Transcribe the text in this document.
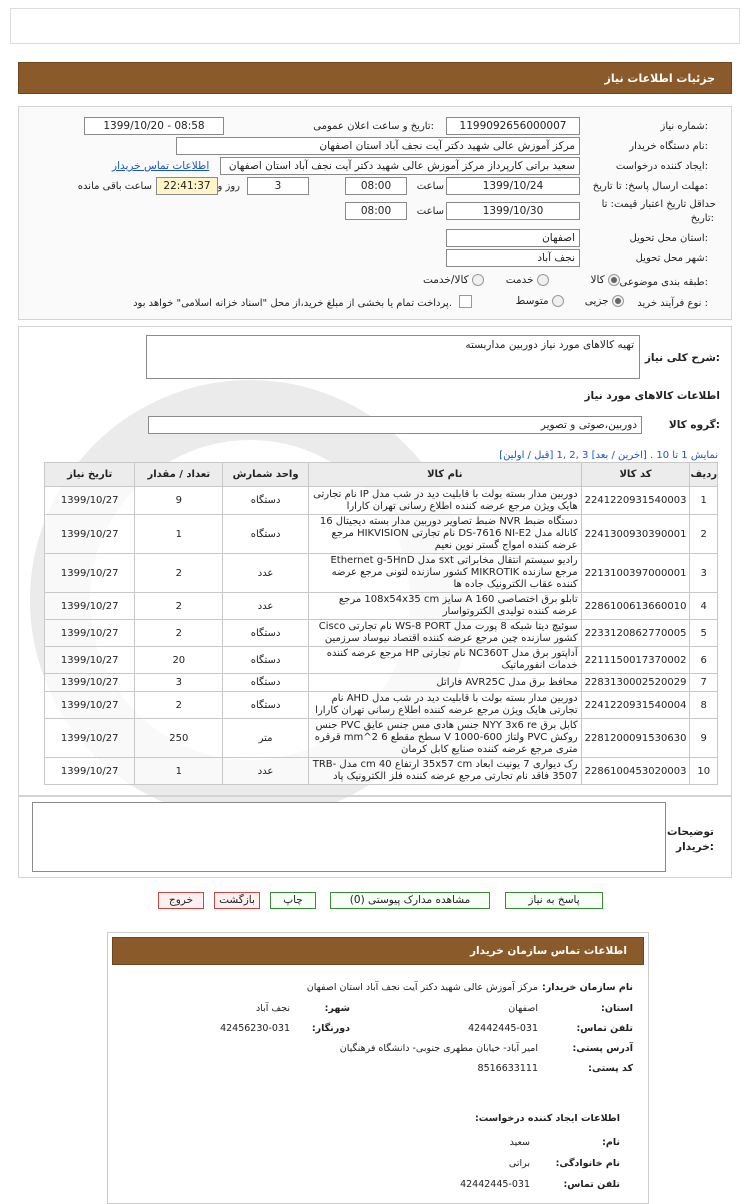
جزئیات اطلاعات نیاز
شماره نیاز:
1199092656000007
تاریخ و ساعت اعلان عمومی:
1399/10/20 - 08:58
نام دستگاه خریدار:
مرکز آموزش عالی شهید دکتر آیت نجف آباد استان اصفهان
ایجاد کننده درخواست:
سعید براتی کارپرداز مرکز آموزش عالی شهید دکتر آیت نجف آباد استان اصفهان
اطلاعات تماس خریدار
مهلت ارسال پاسخ: تا تاریخ:
1399/10/24
ساعت
08:00
3
روز و
22:41:37
ساعت باقی مانده
حداقل تاریخ اعتبار قیمت: تا
تاریخ:
1399/10/30
ساعت
08:00
استان محل تحویل:
اصفهان
شهر محل تحویل:
نجف آباد
طبقه بندی موضوعی:
کالا
خدمت
کالا/خدمت
نوع فرآیند خرید :
جزیی
متوسط
پرداخت تمام یا بخشی از مبلغ خرید،از محل "اسناد خزانه اسلامی" خواهد بود.
شرح کلی نیاز:
تهیه کالاهای مورد نیاز دوربین مداربسته
اطلاعات کالاهای مورد نیاز
گروه کالا:
دوربین،صوتی و تصویر
نمایش 1 تا 10 . [اخرین / بعد] 3 ,2 ,1 [قبل / اولین]
ردیف	کد کالا	نام کالا	واحد شمارش	تعداد / مقدار	تاریخ نیاز
1	2241220931540003	دوربین مدار بسته بولت با قابلیت دید در شب مدل IP نام تجارتی هایک ویژن مرجع عرضه کننده اطلاع رسانی تهران کارارا	دستگاه	9	1399/10/27
2	2241300930390001	دستگاه ضبط NVR ضبط تصاویر دوربین مدار بسته دیجیتال 16 کاناله مدل DS-7616 NI-E2 نام تجارتی HIKVISION مرجع عرضه کننده امواج گستر نوین نعیم	دستگاه	1	1399/10/27
3	2213100397000001	رادیو سیستم انتقال مخابراتی sxt مدل Ethernet g-5HnD مرجع سازنده MIKROTIK کشور سازنده لتونی مرجع عرضه کننده عقاب الکترونیک جاده ها	عدد	2	1399/10/27
4	2286100613660010	تابلو برق اختصاصی A 160 سایز 108x54x35 cm مرجع عرضه کننده تولیدی الکتروتواسار	عدد	2	1399/10/27
5	2233120862770005	سوئیچ دیتا شبکه 8 پورت مدل WS-8 PORT نام تجارتی Cisco کشور سازنده چین مرجع عرضه کننده اقتصاد نیوساد سرزمین	دستگاه	2	1399/10/27
6	2211150017370002	آداپتور برق مدل NC360T نام تجارتی HP مرجع عرضه کننده خدمات انفورماتیک	دستگاه	20	1399/10/27
7	2283130002520029	محافظ برق مدل AVR25C فاراتل	دستگاه	3	1399/10/27
8	2241220931540004	دوربین مدار بسته بولت با قابلیت دید در شب مدل AHD نام تجارتی هایک ویژن مرجع عرضه کننده اطلاع رسانی تهران کارارا	دستگاه	2	1399/10/27
9	2281200091530630	کابل برق NYY 3x6 re جنس هادی مس جنس عایق PVC جنس روکش PVC ولتاژ 600-1000 V سطح مقطع 6 mm^2 قرقره متری مرجع عرضه کننده صنایع کابل کرمان	متر	250	1399/10/27
10	2286100453020003	رک دیواری 7 یونیت ابعاد 35x57 cm ارتفاع 40 cm مدل TRB-3507 فاقد نام تجارتی مرجع عرضه کننده فلز الکترونیک پاد	عدد	1	1399/10/27
توضیحات
خریدار:
پاسخ به نیاز
مشاهده مدارک پیوستی (0)
چاپ
بازگشت
خروج
اطلاعات تماس سازمان خریدار
نام سازمان خریدار:
مرکز آموزش عالی شهید دکتر آیت نجف آباد استان اصفهان
استان:
اصفهان
شهر:
نجف آباد
تلفن تماس:
42442445-031
دورنگار:
42456230-031
آدرس پستی:
امیر آباد- خیابان مطهری جنوبی- دانشگاه فرهنگیان
کد پستی:
8516633111
اطلاعات ایجاد کننده درخواست:
نام:
سعید
نام خانوادگی:
براتی
تلفن تماس:
42442445-031
